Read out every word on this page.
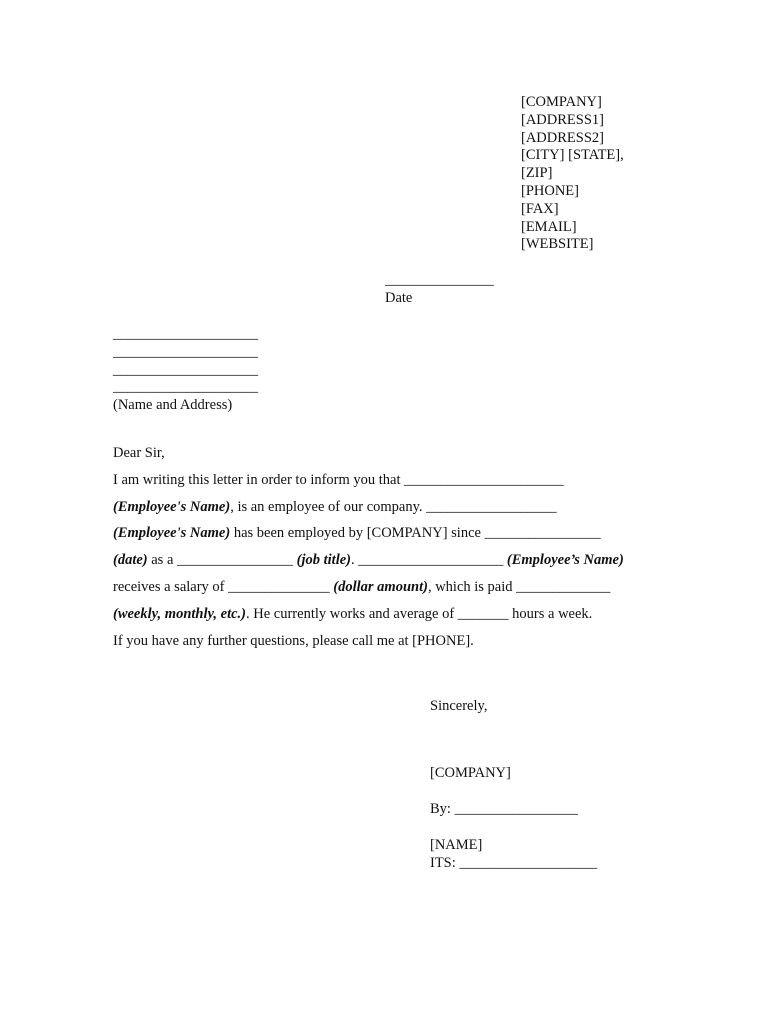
[COMPANY]
[ADDRESS1]
[ADDRESS2]
[CITY] [STATE],
[ZIP]
[PHONE]
[FAX]
[EMAIL]
[WEBSITE]
_______________
Date
____________________
____________________
____________________
____________________
(Name and Address)
Dear Sir,
I am writing this letter in order to inform you that ______________________
(Employee's Name), is an employee of our company. __________________
(Employee's Name) has been employed by [COMPANY] since ________________
(date) as a ________________ (job title). ____________________ (Employee’s Name)
receives a salary of ______________ (dollar amount), which is paid _____________
(weekly, monthly, etc.). He currently works and average of _______ hours a week.
If you have any further questions, please call me at [PHONE].
Sincerely,
[COMPANY]
By: _________________
[NAME]
ITS: ___________________
